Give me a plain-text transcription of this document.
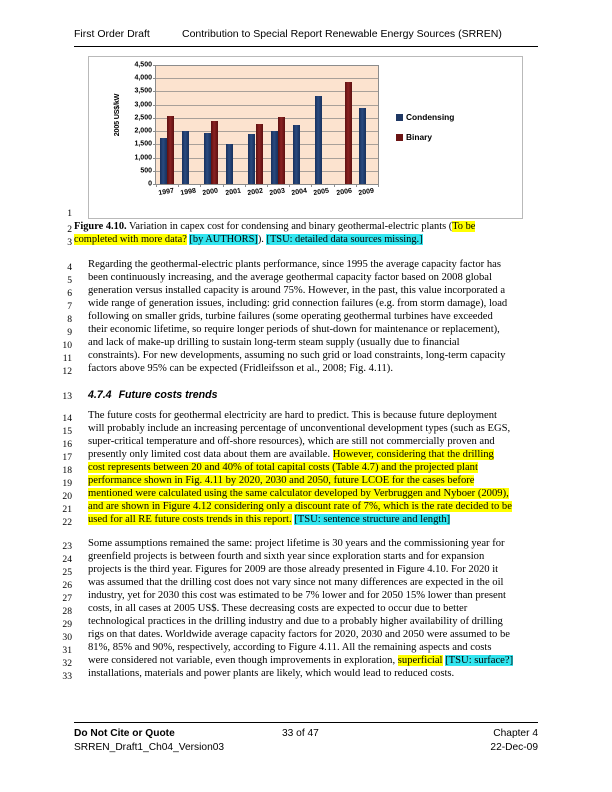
First Order Draft	Contribution to Special Report Renewable Energy Sources (SRREN)
1
2
3
4
5
6
7
8
9
10
11
12
13
14
15
16
17
18
19
20
21
22
23
24
25
26
27
28
29
30
31
32
33
2005 US$/kW
0
500
1,000
1,500
2,000
2,500
3,000
3,500
4,000
4,500
1997 1998 2000 2001 2002 2003 2004 2005 2006 2009
Condensing
Binary
Figure 4.10. Variation in capex cost for condensing and binary geothermal-electric plants (To be
completed with more data? [by AUTHORS]). [TSU: detailed data sources missing.]
Regarding the geothermal-electric plants performance, since 1995 the average capacity factor has
been continuously increasing, and the average geothermal capacity factor based on 2008 global
generation versus installed capacity is around 75%. However, in the past, this value incorporated a
wide range of generation issues, including: grid connection failures (e.g. from storm damage), load
following on smaller grids, turbine failures (some operating geothermal turbines have exceeded
their economic lifetime, so require longer periods of shut-down for maintenance or replacement),
and lack of make-up drilling to sustain long-term steam supply (usually due to financial
constraints). For new developments, assuming no such grid or load constraints, long-term capacity
factors above 95% can be expected (Fridleifsson et al., 2008; Fig. 4.11).
4.7.4 Future costs trends
The future costs for geothermal electricity are hard to predict. This is because future deployment
will probably include an increasing percentage of unconventional development types (such as EGS,
super-critical temperature and off-shore resources), which are still not commercially proven and
presently only limited cost data about them are available. However, considering that the drilling
cost represents between 20 and 40% of total capital costs (Table 4.7) and the projected plant
performance shown in Fig. 4.11 by 2020, 2030 and 2050, future LCOE for the cases before
mentioned were calculated using the same calculator developed by Verbruggen and Nyboer (2009),
and are shown in Figure 4.12 considering only a discount rate of 7%, which is the rate decided to be
used for all RE future costs trends in this report. [TSU: sentence structure and length]
Some assumptions remained the same: project lifetime is 30 years and the commissioning year for
greenfield projects is between fourth and sixth year since exploration starts and for expansion
projects is the third year. Figures for 2009 are those already presented in Figure 4.10. For 2020 it
was assumed that the drilling cost does not vary since not many differences are expected in the oil
industry, yet for 2030 this cost was estimated to be 7% lower and for 2050 15% lower than present
costs, in all cases at 2005 US$. These decreasing costs are expected to occur due to better
technological practices in the drilling industry and due to a probably higher availability of drilling
rigs on that dates. Worldwide average capacity factors for 2020, 2030 and 2050 were assumed to be
81%, 85% and 90%, respectively, according to Figure 4.11. All the remaining aspects and costs
were considered not variable, even though improvements in exploration, superficial [TSU: surface?]
installations, materials and power plants are likely, which would lead to reduced costs.
Do Not Cite or Quote	33 of 47	Chapter 4
SRREN_Draft1_Ch04_Version03	22-Dec-09
